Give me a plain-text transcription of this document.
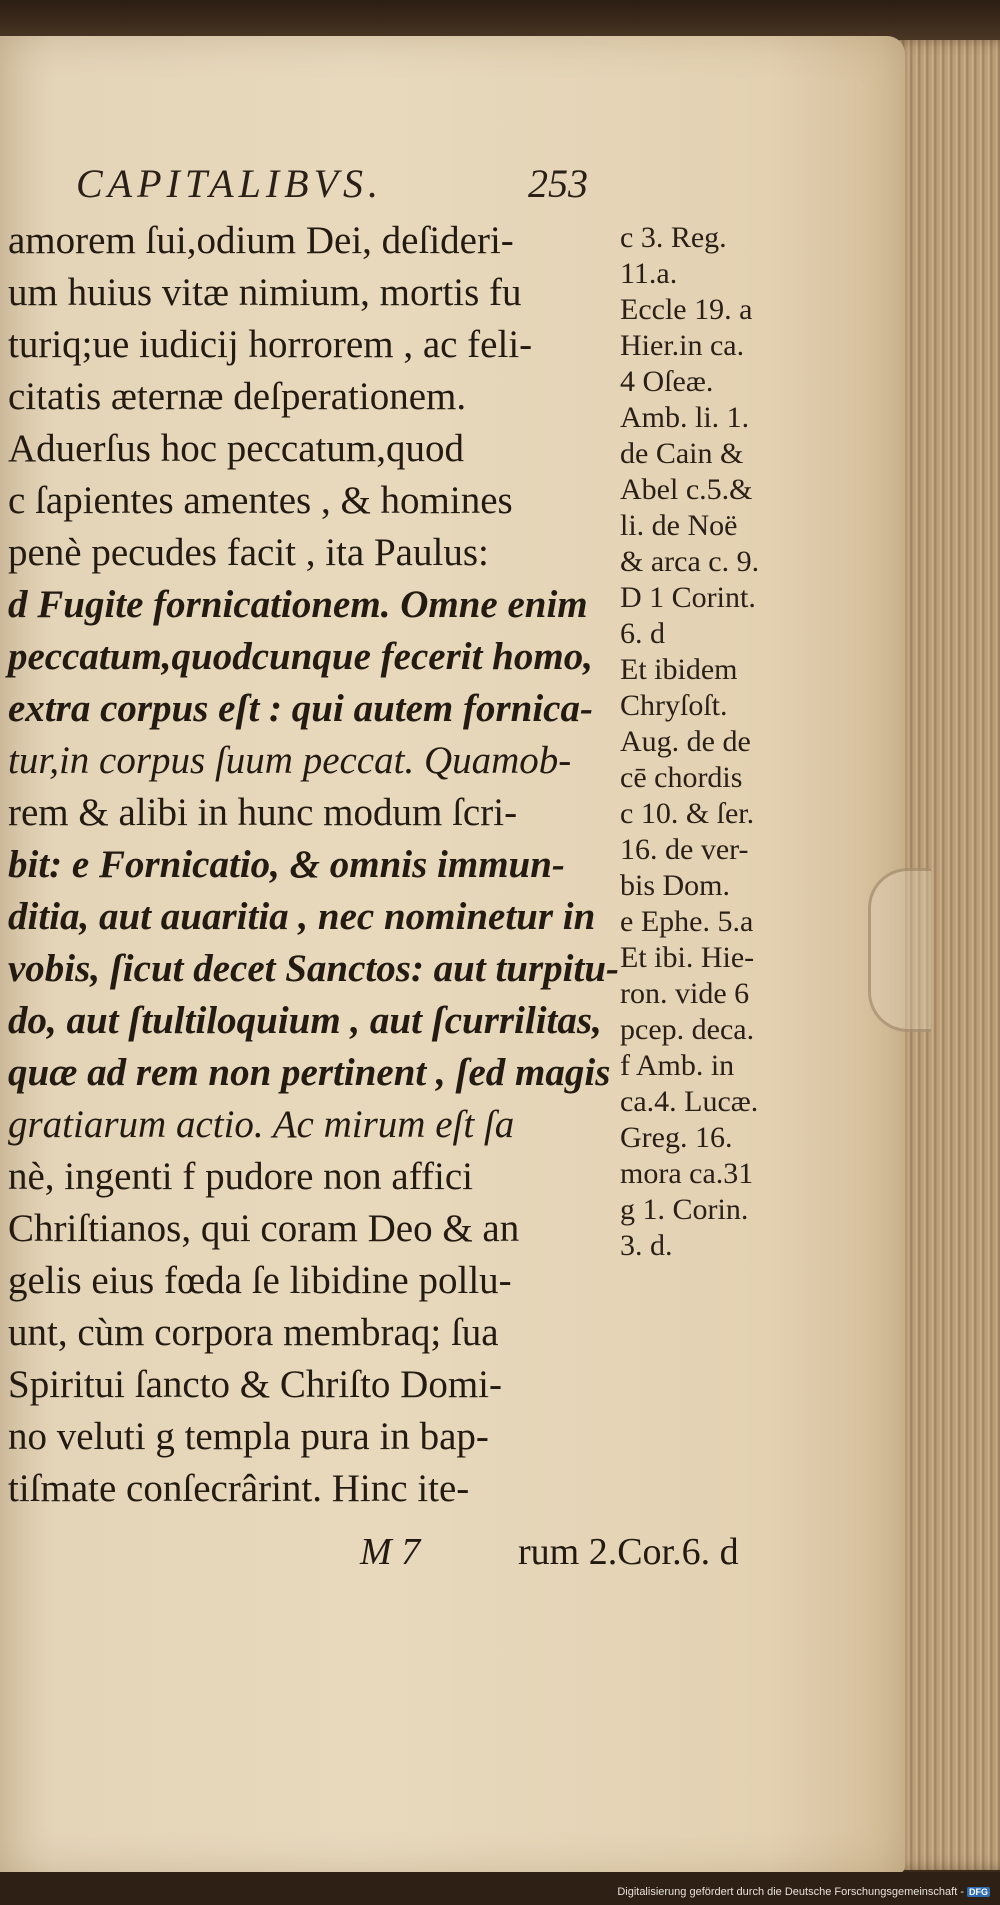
CAPITALIBVS.	253
amorem ſui,odium Dei, deſideri-
um huius vitæ nimium, mortis fu
turiq;ue iudicij horrorem , ac feli-
citatis æternæ deſperationem.
Aduerſus hoc peccatum,quod
c ſapientes amentes , & homines
penè pecudes facit , ita Paulus:
d Fugite fornicationem. Omne enim
peccatum,quodcunque fecerit homo,
extra corpus eſt : qui autem fornica-
tur,in corpus ſuum peccat. Quamob-
rem & alibi in hunc modum ſcri-
bit: e Fornicatio, & omnis immun-
ditia, aut auaritia , nec nominetur in
vobis, ſicut decet Sanctos: aut turpitu-
do, aut ſtultiloquium , aut ſcurrilitas,
quæ ad rem non pertinent , ſed magis
gratiarum actio. Ac mirum eſt ſa
nè, ingenti f pudore non affici
Chriſtianos, qui coram Deo & an
gelis eius fœda ſe libidine pollu-
unt, cùm corpora membraq; ſua
Spiritui ſancto & Chriſto Domi-
no veluti g templa pura in bap-
tiſmate conſecrârint. Hinc ite-
c 3. Reg.
11.a.
Eccle 19. a
Hier.in ca.
4 Oſeæ.
Amb. li. 1.
de Cain &
Abel c.5.&
li. de Noë
& arca c. 9.
D 1 Corint.
6. d
Et ibidem
Chryſoſt.
Aug. de de
cē chordis
c 10. & ſer.
16. de ver-
bis Dom.
e Ephe. 5.a
Et ibi. Hie-
ron. vide 6
pcep. deca.
f Amb. in
ca.4. Lucæ.
Greg. 16.
mora ca.31
g 1. Corin.
3. d.
M 7	rum 2.Cor.6. d
Digitalisierung gefördert durch die Deutsche Forschungsgemeinschaft - DFG
